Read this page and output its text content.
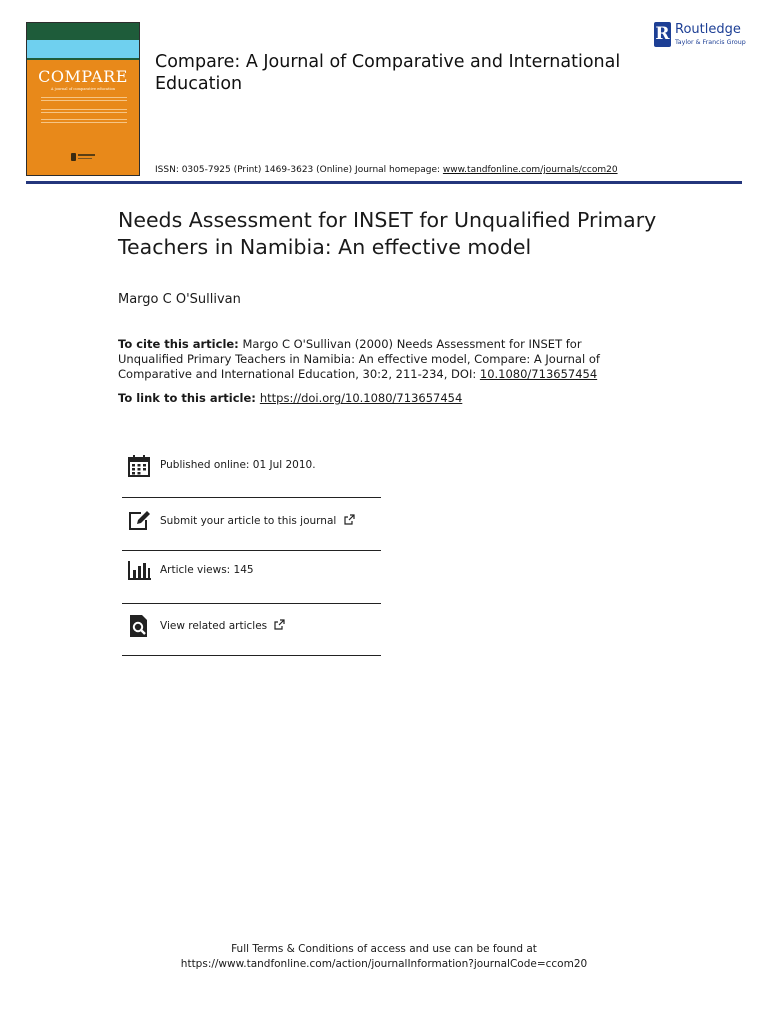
COMPARE
A journal of comparative education
Compare: A Journal of Comparative and International Education
ISSN: 0305-7925 (Print) 1469-3623 (Online) Journal homepage: www.tandfonline.com/journals/ccom20
R Routledge
Taylor & Francis Group
Needs Assessment for INSET for Unqualified Primary Teachers in Namibia: An effective model
Margo C O'Sullivan
To cite this article: Margo C O'Sullivan (2000) Needs Assessment for INSET for Unqualified Primary Teachers in Namibia: An effective model, Compare: A Journal of Comparative and International Education, 30:2, 211-234, DOI: 10.1080/713657454
To link to this article: https://doi.org/10.1080/713657454
Published online: 01 Jul 2010.
Submit your article to this journal
Article views: 145
View related articles
Full Terms & Conditions of access and use can be found at
https://www.tandfonline.com/action/journalInformation?journalCode=ccom20
